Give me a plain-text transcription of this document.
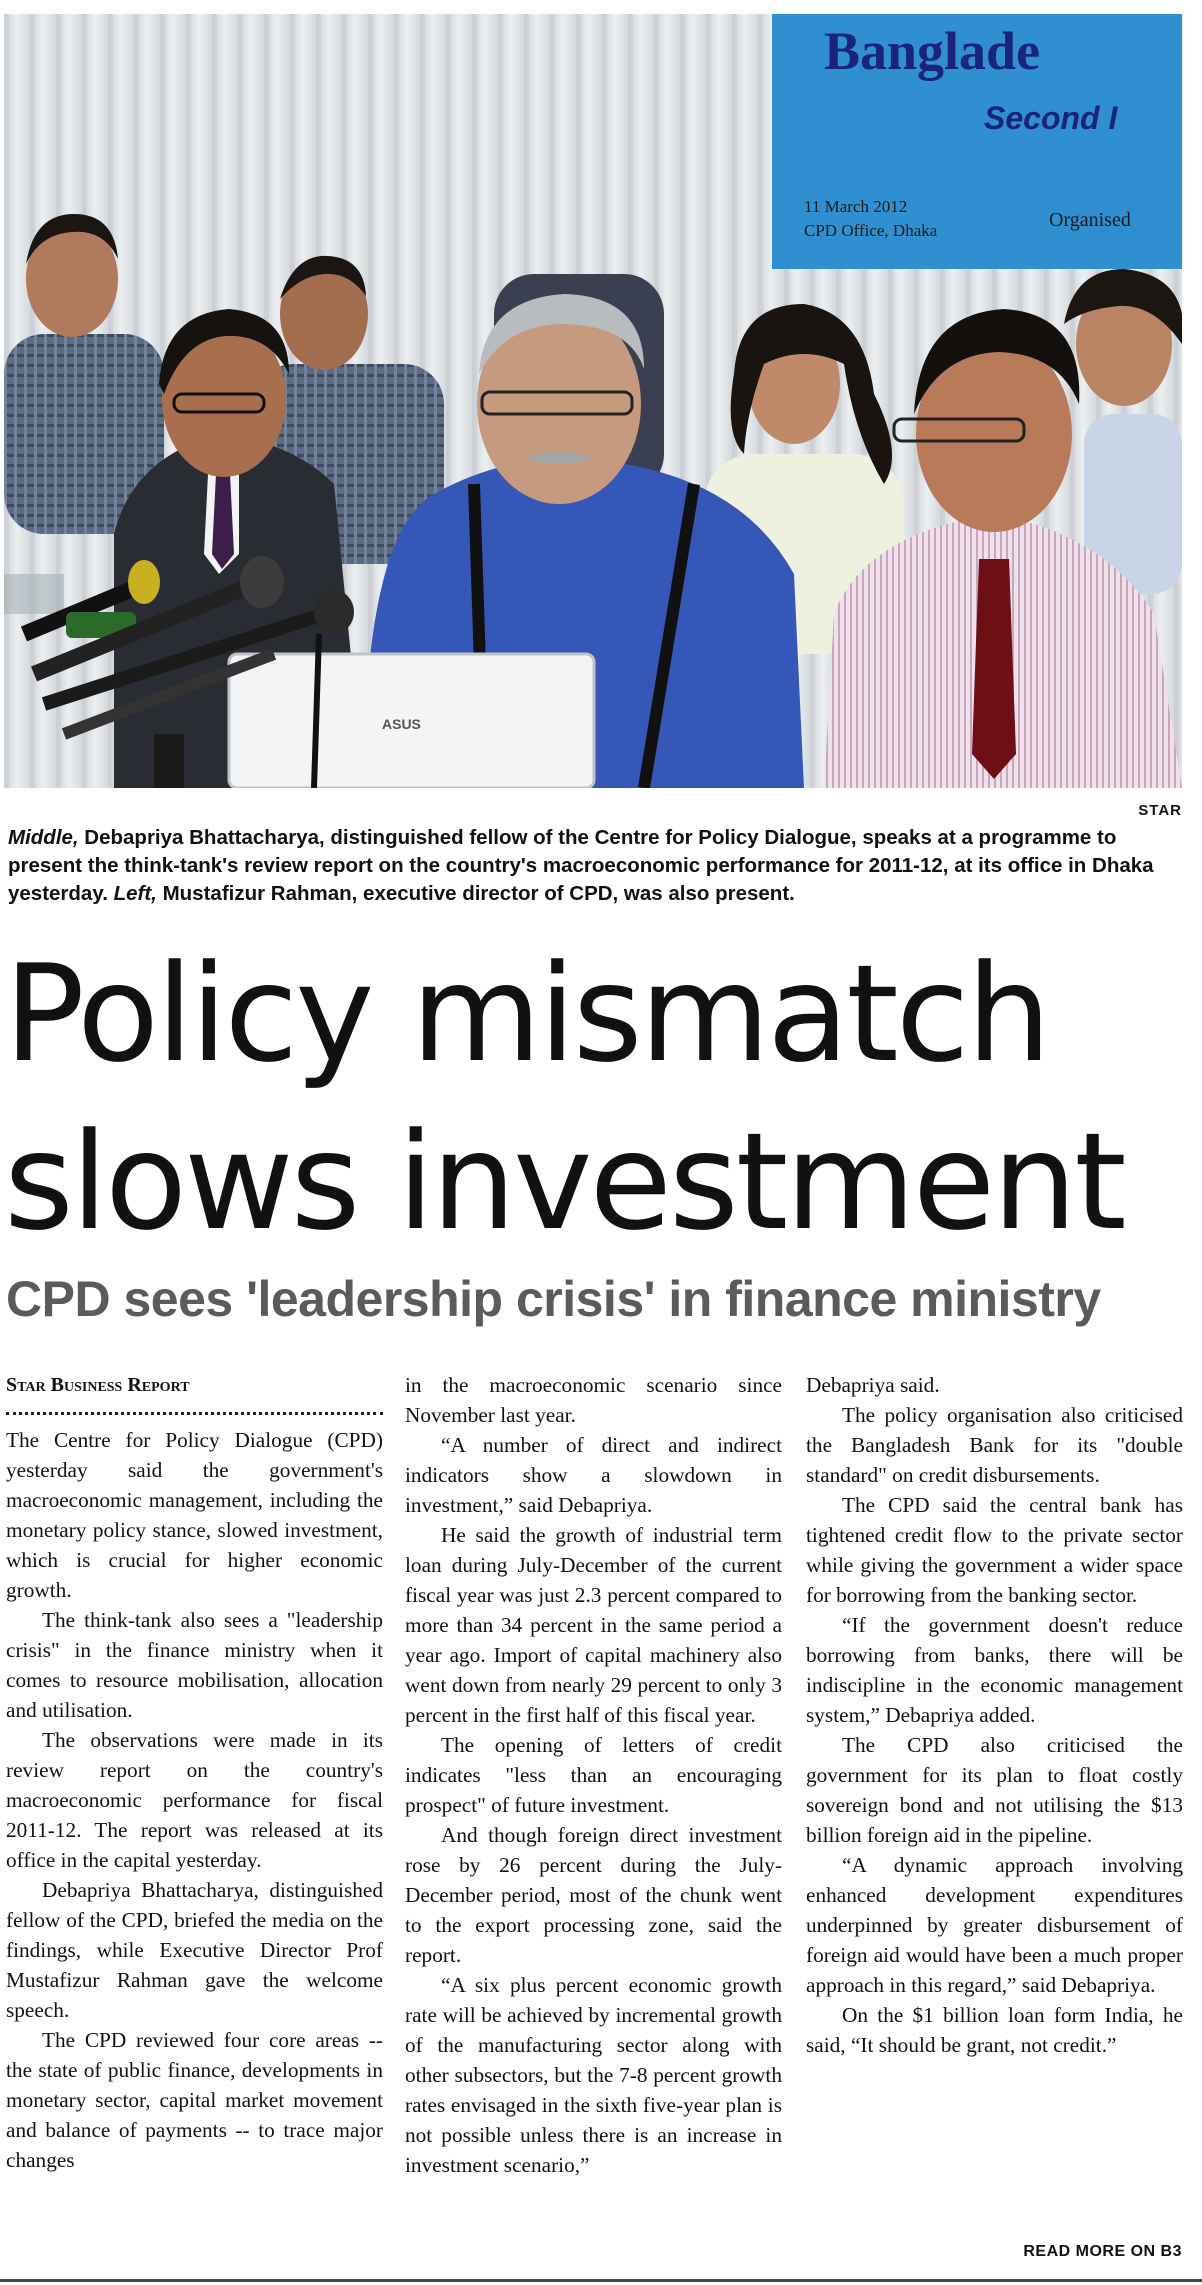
Banglade
Second I
11 March 2012
CPD Office, Dhaka	Organised
ASUS
STAR
Middle, Debapriya Bhattacharya, distinguished fellow of the Centre for Policy Dialogue, speaks at a programme to present the think-tank's review report on the country's macroeconomic performance for 2011-12, at its office in Dhaka yesterday. Left, Mustafizur Rahman, executive director of CPD, was also present.
Policy mismatch
slows investment
CPD sees 'leadership crisis' in finance ministry
Star Business Report

The Centre for Policy Dialogue (CPD) yesterday said the government's macroeconomic management, including the monetary policy stance, slowed investment, which is crucial for higher economic growth.

The think-tank also sees a "leadership crisis" in the finance ministry when it comes to resource mobilisation, allocation and utilisation.

The observations were made in its review report on the country's macroeconomic performance for fiscal 2011-12. The report was released at its office in the capital yesterday.

Debapriya Bhattacharya, distinguished fellow of the CPD, briefed the media on the findings, while Executive Director Prof Mustafizur Rahman gave the welcome speech.

The CPD reviewed four core areas -- the state of public finance, developments in monetary sector, capital market movement and balance of payments -- to trace major changes

in the macroeconomic scenario since November last year.

“A number of direct and indirect indicators show a slowdown in investment,” said Debapriya.

He said the growth of industrial term loan during July-December of the current fiscal year was just 2.3 percent compared to more than 34 percent in the same period a year ago. Import of capital machinery also went down from nearly 29 percent to only 3 percent in the first half of this fiscal year.

The opening of letters of credit indicates "less than an encouraging prospect" of future investment.

And though foreign direct investment rose by 26 percent during the July-December period, most of the chunk went to the export processing zone, said the report.

“A six plus percent economic growth rate will be achieved by incremental growth of the manufacturing sector along with other subsectors, but the 7-8 percent growth rates envisaged in the sixth five-year plan is not possible unless there is an increase in investment scenario,”

Debapriya said.

The policy organisation also criticised the Bangladesh Bank for its "double standard" on credit disbursements.

The CPD said the central bank has tightened credit flow to the private sector while giving the government a wider space for borrowing from the banking sector.

“If the government doesn't reduce borrowing from banks, there will be indiscipline in the economic management system,” Debapriya added.

The CPD also criticised the government for its plan to float costly sovereign bond and not utilising the $13 billion foreign aid in the pipeline.

“A dynamic approach involving enhanced development expenditures underpinned by greater disbursement of foreign aid would have been a much proper approach in this regard,” said Debapriya.

On the $1 billion loan form India, he said, “It should be grant, not credit.”

READ MORE ON B3
